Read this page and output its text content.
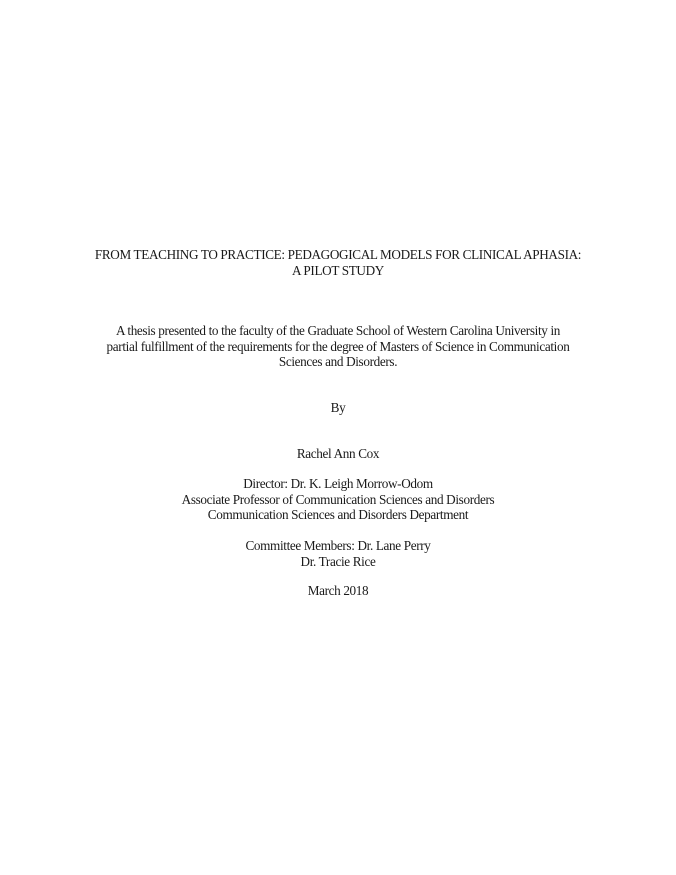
FROM TEACHING TO PRACTICE: PEDAGOGICAL MODELS FOR CLINICAL APHASIA:
A PILOT STUDY
A thesis presented to the faculty of the Graduate School of Western Carolina University in
partial fulfillment of the requirements for the degree of Masters of Science in Communication
Sciences and Disorders.
By
Rachel Ann Cox
Director: Dr. K. Leigh Morrow-Odom
Associate Professor of Communication Sciences and Disorders
Communication Sciences and Disorders Department
Committee Members: Dr. Lane Perry
Dr. Tracie Rice
March 2018
